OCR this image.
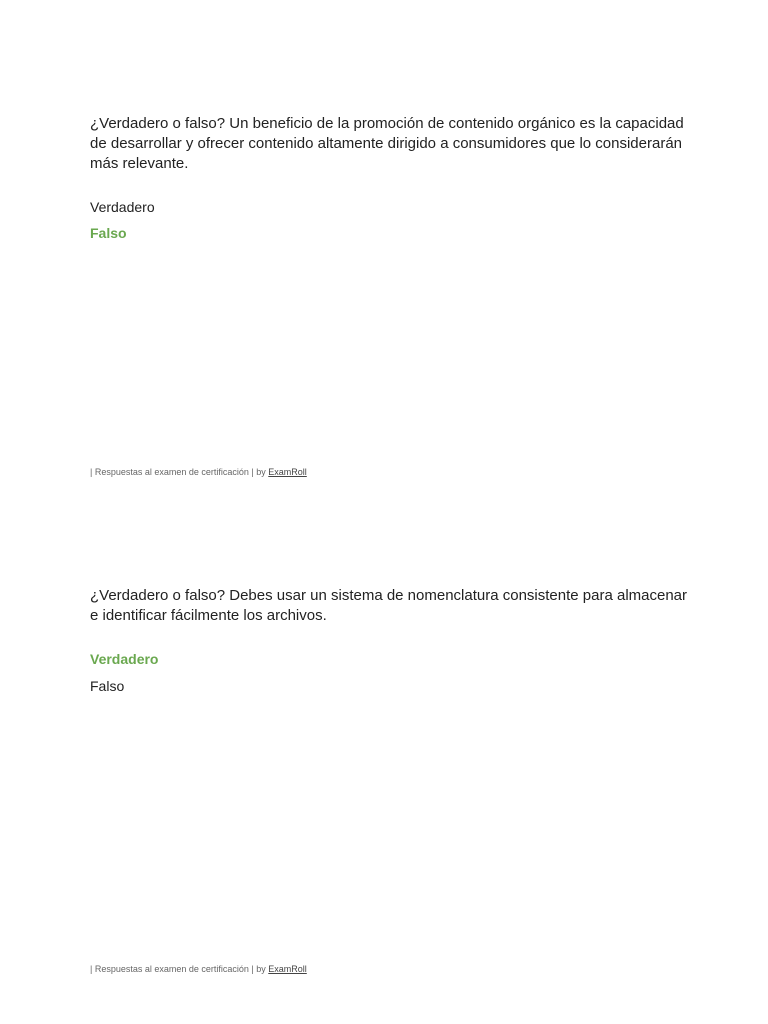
¿Verdadero o falso? Un beneficio de la promoción de contenido orgánico es la capacidad de desarrollar y ofrecer contenido altamente dirigido a consumidores que lo considerarán más relevante.

Verdadero
Falso
| Respuestas al examen de certificación | by ExamRoll

¿Verdadero o falso? Debes usar un sistema de nomenclatura consistente para almacenar e identificar fácilmente los archivos.

Verdadero
Falso
| Respuestas al examen de certificación | by ExamRoll
